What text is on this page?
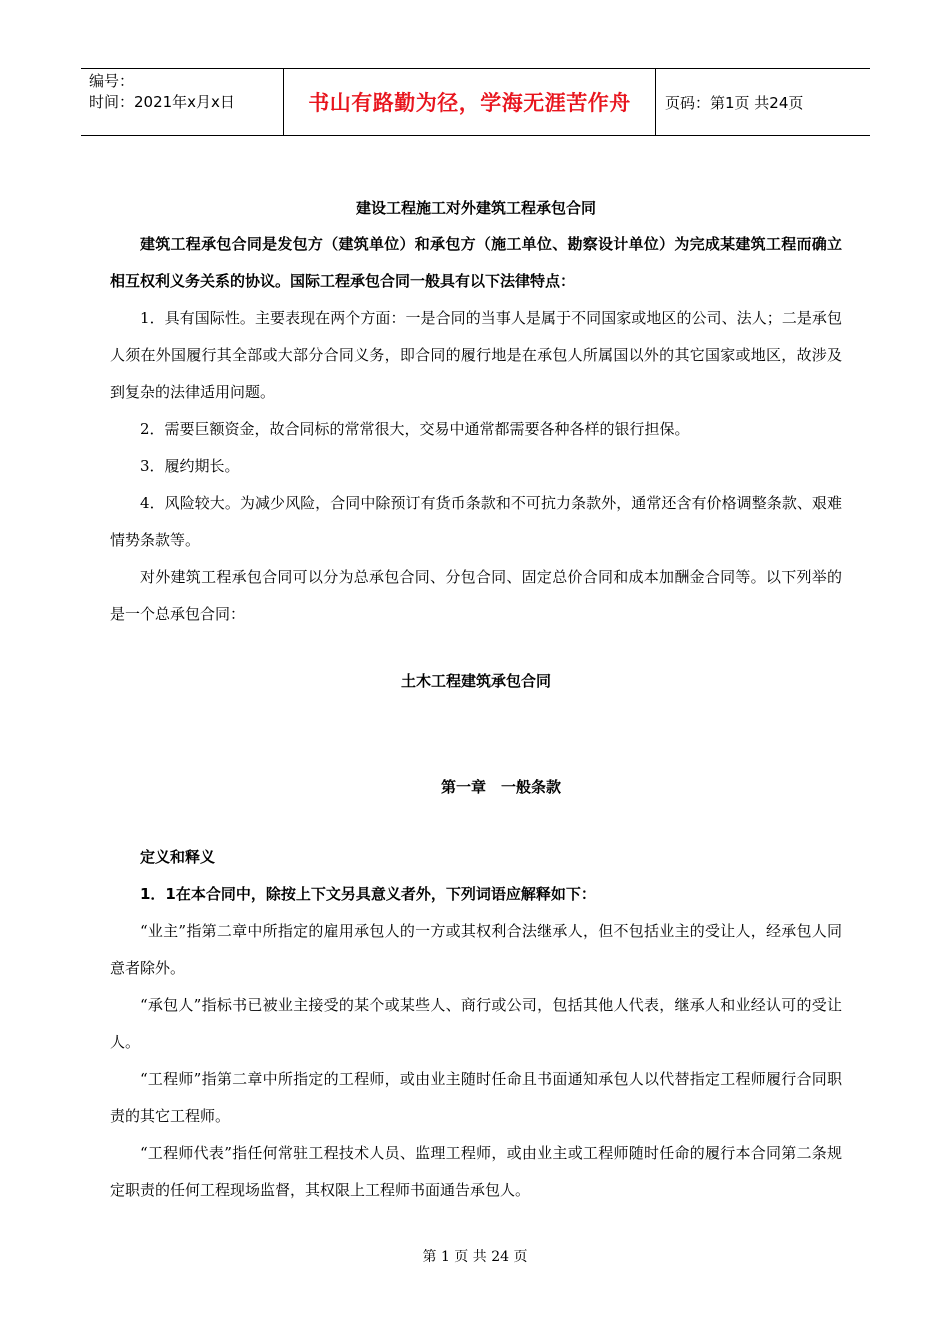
编号：
时间：2021年x月x日	书山有路勤为径，学海无涯苦作舟	页码：第1页 共24页

建设工程施工对外建筑工程承包合同

建筑工程承包合同是发包方（建筑单位）和承包方（施工单位、勘察设计单位）为完成某建筑工程而确立相互权利义务关系的协议。国际工程承包合同一般具有以下法律特点：

1．具有国际性。主要表现在两个方面：一是合同的当事人是属于不同国家或地区的公司、法人；二是承包人须在外国履行其全部或大部分合同义务，即合同的履行地是在承包人所属国以外的其它国家或地区，故涉及到复杂的法律适用问题。

2．需要巨额资金，故合同标的常常很大，交易中通常都需要各种各样的银行担保。

3．履约期长。

4．风险较大。为减少风险，合同中除预订有货币条款和不可抗力条款外，通常还含有价格调整条款、艰难情势条款等。

对外建筑工程承包合同可以分为总承包合同、分包合同、固定总价合同和成本加酬金合同等。以下列举的是一个总承包合同：

土木工程建筑承包合同

第一章　一般条款

定义和释义

1．1在本合同中，除按上下文另具意义者外，下列词语应解释如下：

“业主”指第二章中所指定的雇用承包人的一方或其权利合法继承人，但不包括业主的受让人，经承包人同意者除外。

“承包人”指标书已被业主接受的某个或某些人、商行或公司，包括其他人代表，继承人和业经认可的受让人。

“工程师”指第二章中所指定的工程师，或由业主随时任命且书面通知承包人以代替指定工程师履行合同职责的其它工程师。

“工程师代表”指任何常驻工程技术人员、监理工程师，或由业主或工程师随时任命的履行本合同第二条规定职责的任何工程现场监督，其权限上工程师书面通告承包人。

第 1 页 共 24 页
